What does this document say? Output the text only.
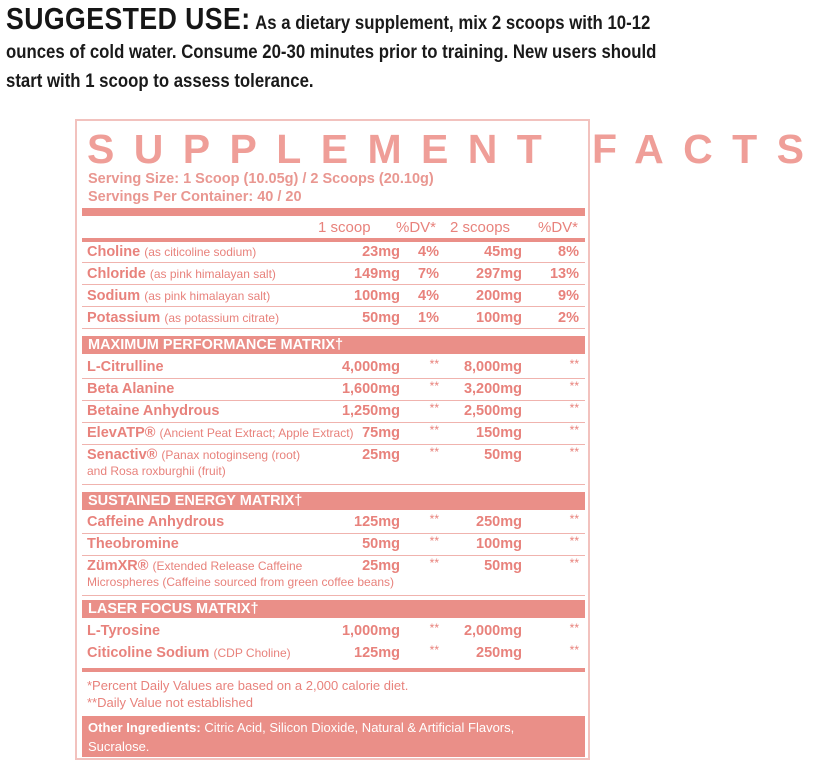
SUGGESTED USE: As a dietary supplement, mix 2 scoops with 10-12 ounces of cold water. Consume 20-30 minutes prior to training. New users should start with 1 scoop to assess tolerance.
SUPPLEMENT FACTS
Serving Size: 1 Scoop (10.05g) / 2 Scoops (20.10g)
Servings Per Container: 40 / 20
1 scoop %DV* 2 scoops %DV*
Choline (as citicoline sodium)	23mg	4%	45mg	8%
Chloride (as pink himalayan salt)	149mg	7%	297mg	13%
Sodium (as pink himalayan salt)	100mg	4%	200mg	9%
Potassium (as potassium citrate)	50mg	1%	100mg	2%
MAXIMUM PERFORMANCE MATRIX†
L-Citrulline	4,000mg	** 8,000mg	**
Beta Alanine	1,600mg	** 3,200mg	**
Betaine Anhydrous	1,250mg	** 2,500mg	**
ElevATP® (Ancient Peat Extract; Apple Extract) 75mg	**	150mg	**
Senactiv® (Panax notoginseng (root)
and Rosa roxburghii (fruit)
25mg	**	50mg	**
SUSTAINED ENERGY MATRIX†
Caffeine Anhydrous	125mg	**	250mg	**
Theobromine	50mg	**	100mg	**
ZümXR® (Extended Release Caffeine
Microspheres (Caffeine sourced from green coffee beans)
25mg	**	50mg	**
LASER FOCUS MATRIX†
L-Tyrosine	1,000mg	** 2,000mg	**
Citicoline Sodium (CDP Choline)	125mg	**	250mg	**
*Percent Daily Values are based on a 2,000 calorie diet.
**Daily Value not established
Other Ingredients: Citric Acid, Silicon Dioxide, Natural & Artificial Flavors, Sucralose.
